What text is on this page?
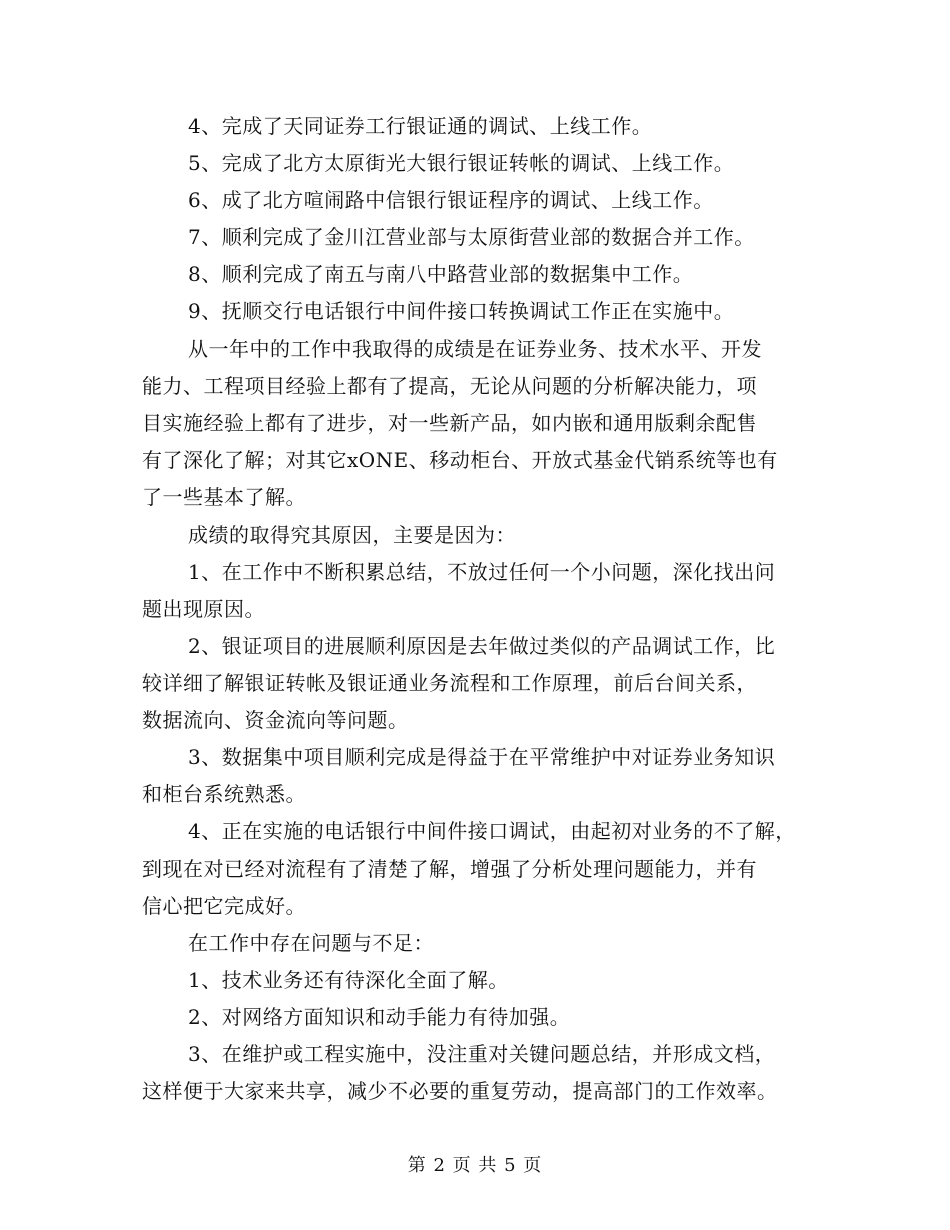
4、完成了天同证券工行银证通的调试、上线工作。
5、完成了北方太原街光大银行银证转帐的调试、上线工作。
6、成了北方喧闹路中信银行银证程序的调试、上线工作。
7、顺利完成了金川江营业部与太原街营业部的数据合并工作。
8、顺利完成了南五与南八中路营业部的数据集中工作。
9、抚顺交行电话银行中间件接口转换调试工作正在实施中。
从一年中的工作中我取得的成绩是在证券业务、技术水平、开发
能力、工程项目经验上都有了提高，无论从问题的分析解决能力，项
目实施经验上都有了进步，对一些新产品，如内嵌和通用版剩余配售
有了深化了解；对其它xONE、移动柜台、开放式基金代销系统等也有
了一些基本了解。
成绩的取得究其原因，主要是因为：
1、在工作中不断积累总结，不放过任何一个小问题，深化找出问
题出现原因。
2、银证项目的进展顺利原因是去年做过类似的产品调试工作，比
较详细了解银证转帐及银证通业务流程和工作原理，前后台间关系，
数据流向、资金流向等问题。
3、数据集中项目顺利完成是得益于在平常维护中对证券业务知识
和柜台系统熟悉。
4、正在实施的电话银行中间件接口调试，由起初对业务的不了解，
到现在对已经对流程有了清楚了解，增强了分析处理问题能力，并有
信心把它完成好。
在工作中存在问题与不足：
1、技术业务还有待深化全面了解。
2、对网络方面知识和动手能力有待加强。
3、在维护或工程实施中，没注重对关键问题总结，并形成文档，
这样便于大家来共享，减少不必要的重复劳动，提高部门的工作效率。
第 2 页 共 5 页
